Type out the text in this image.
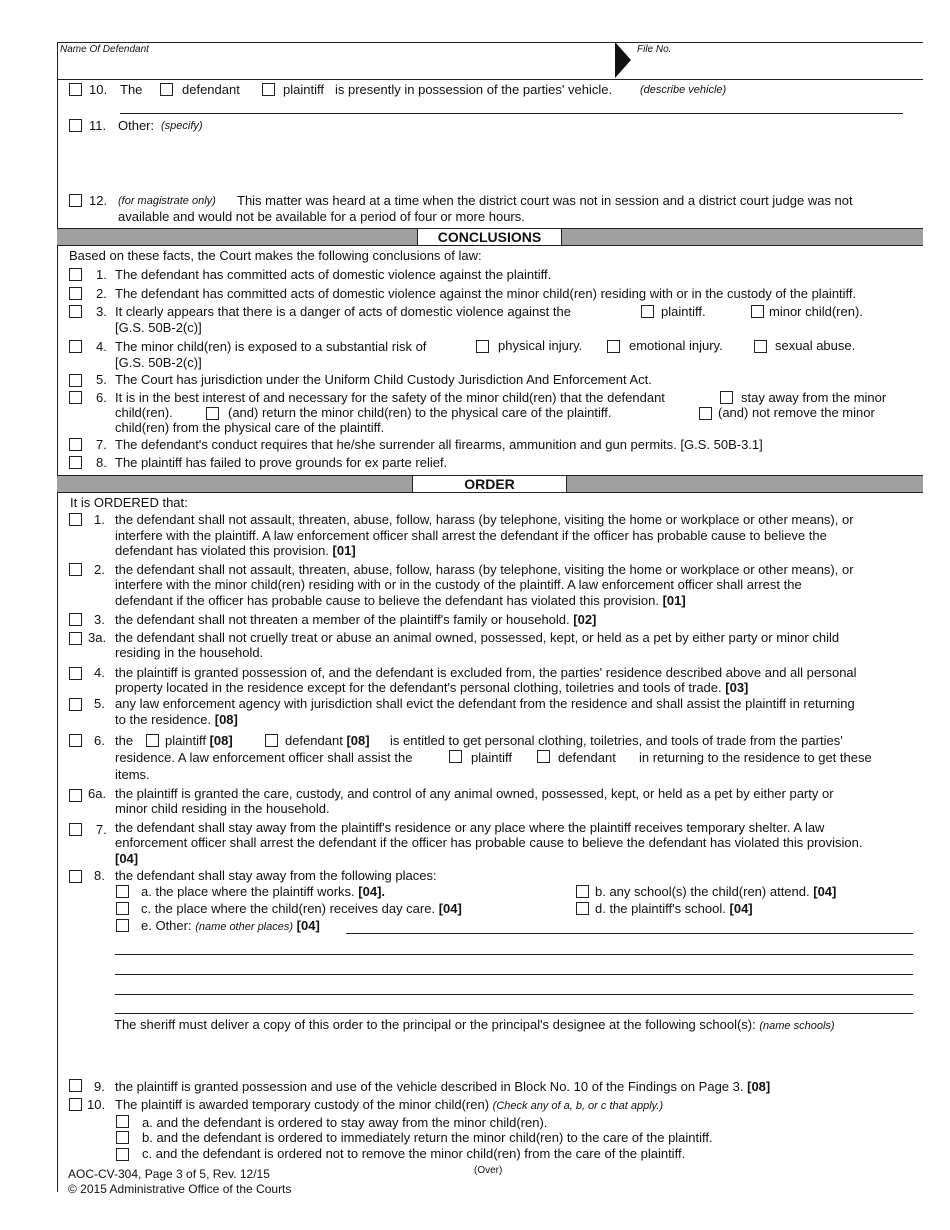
Name Of Defendant	File No.
10. The	defendant	plaintiff is presently in possession of the parties' vehicle.	(describe vehicle)
11. Other: (specify)
12. (for magistrate only) This matter was heard at a time when the district court was not in session and a district court judge was not
available and would not be available for a period of four or more hours.
CONCLUSIONS
Based on these facts, the Court makes the following conclusions of law:
1. The defendant has committed acts of domestic violence against the plaintiff.
2. The defendant has committed acts of domestic violence against the minor child(ren) residing with or in the custody of the plaintiff.
3. It clearly appears that there is a danger of acts of domestic violence against the	plaintiff.	minor child(ren).
[G.S. 50B-2(c)]
4. The minor child(ren) is exposed to a substantial risk of	physical injury.	emotional injury.	sexual abuse.
[G.S. 50B-2(c)]
5. The Court has jurisdiction under the Uniform Child Custody Jurisdiction And Enforcement Act.
6. It is in the best interest of and necessary for the safety of the minor child(ren) that the defendant	stay away from the minor
child(ren).	(and) return the minor child(ren) to the physical care of the plaintiff.	(and) not remove the minor
child(ren) from the physical care of the plaintiff.
7. The defendant's conduct requires that he/she surrender all firearms, ammunition and gun permits. [G.S. 50B-3.1]
8. The plaintiff has failed to prove grounds for ex parte relief.
ORDER
It is ORDERED that:
1. the defendant shall not assault, threaten, abuse, follow, harass (by telephone, visiting the home or workplace or other means), or
interfere with the plaintiff. A law enforcement officer shall arrest the defendant if the officer has probable cause to believe the
defendant has violated this provision. [01]
2. the defendant shall not assault, threaten, abuse, follow, harass (by telephone, visiting the home or workplace or other means), or
interfere with the minor child(ren) residing with or in the custody of the plaintiff. A law enforcement officer shall arrest the
defendant if the officer has probable cause to believe the defendant has violated this provision. [01]
3. the defendant shall not threaten a member of the plaintiff's family or household. [02]
3a. the defendant shall not cruelly treat or abuse an animal owned, possessed, kept, or held as a pet by either party or minor child
residing in the household.
4. the plaintiff is granted possession of, and the defendant is excluded from, the parties' residence described above and all personal
property located in the residence except for the defendant's personal clothing, toiletries and tools of trade. [03]
5. any law enforcement agency with jurisdiction shall evict the defendant from the residence and shall assist the plaintiff in returning
to the residence. [08]
6. the plaintiff [08]	defendant [08] is entitled to get personal clothing, toiletries, and tools of trade from the parties'
residence. A law enforcement officer shall assist the	plaintiff	defendant in returning to the residence to get these
items.
6a. the plaintiff is granted the care, custody, and control of any animal owned, possessed, kept, or held as a pet by either party or
minor child residing in the household.
7. the defendant shall stay away from the plaintiff's residence or any place where the plaintiff receives temporary shelter. A law
enforcement officer shall arrest the defendant if the officer has probable cause to believe the defendant has violated this provision.
[04]
8. the defendant shall stay away from the following places:
a. the place where the plaintiff works. [04].	b. any school(s) the child(ren) attend. [04]
c. the place where the child(ren) receives day care. [04]	d. the plaintiff's school. [04]
e. Other: (name other places) [04]
The sheriff must deliver a copy of this order to the principal or the principal's designee at the following school(s): (name schools)
9. the plaintiff is granted possession and use of the vehicle described in Block No. 10 of the Findings on Page 3. [08]
10. The plaintiff is awarded temporary custody of the minor child(ren) (Check any of a, b, or c that apply.)
a. and the defendant is ordered to stay away from the minor child(ren).
b. and the defendant is ordered to immediately return the minor child(ren) to the care of the plaintiff.
c. and the defendant is ordered not to remove the minor child(ren) from the care of the plaintiff.
AOC-CV-304, Page 3 of 5, Rev. 12/15
© 2015 Administrative Office of the Courts
(Over)
